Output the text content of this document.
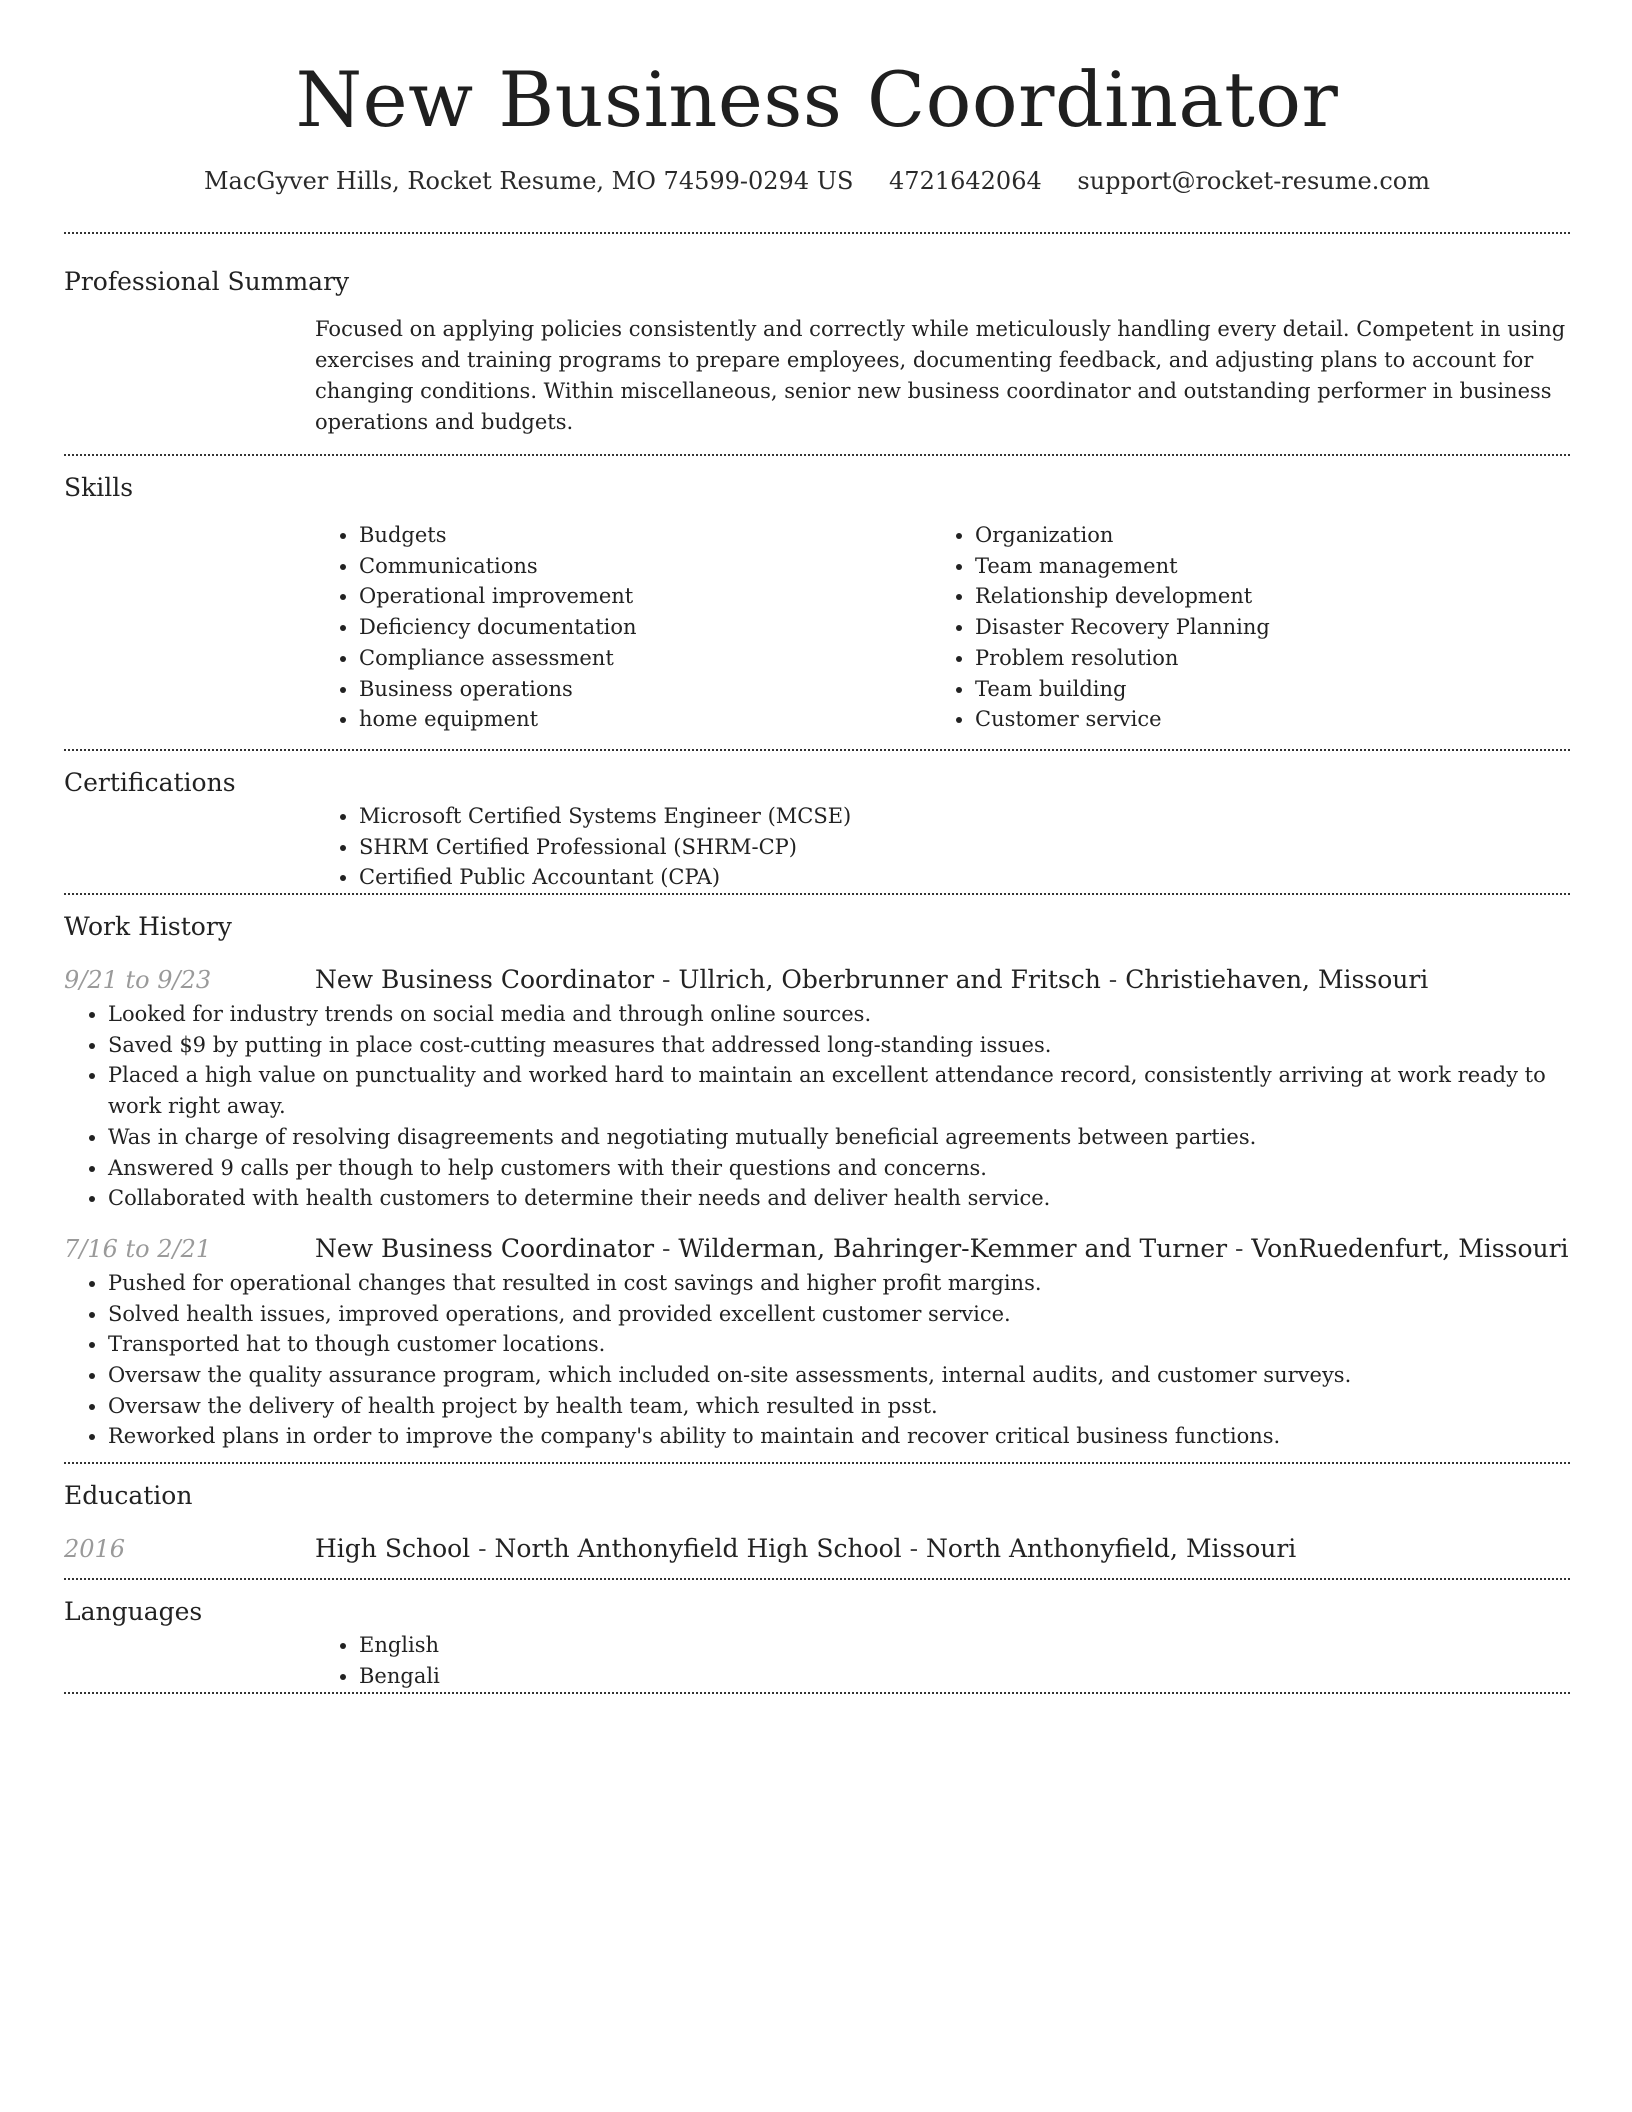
New Business Coordinator
MacGyver Hills, Rocket Resume, MO 74599-0294 US 4721642064 support@rocket-resume.com
Professional Summary

Focused on applying policies consistently and correctly while meticulously handling every detail. Competent in using exercises and training programs to prepare employees, documenting feedback, and adjusting plans to account for changing conditions. Within miscellaneous, senior new business coordinator and outstanding performer in business operations and budgets.

Skills
• Budgets
• Communications
• Operational improvement
• Deficiency documentation
• Compliance assessment
• Business operations
• home equipment
• Organization
• Team management
• Relationship development
• Disaster Recovery Planning
• Problem resolution
• Team building
• Customer service
Certifications
• Microsoft Certified Systems Engineer (MCSE)
• SHRM Certified Professional (SHRM-CP)
• Certified Public Accountant (CPA)
Work History
9/21 to 9/23	New Business Coordinator - Ullrich, Oberbrunner and Fritsch - Christiehaven, Missouri
• Looked for industry trends on social media and through online sources.
• Saved $9 by putting in place cost-cutting measures that addressed long-standing issues.
• Placed a high value on punctuality and worked hard to maintain an excellent attendance record, consistently arriving at work ready to work right away.
• Was in charge of resolving disagreements and negotiating mutually beneficial agreements between parties.
• Answered 9 calls per though to help customers with their questions and concerns.
• Collaborated with health customers to determine their needs and deliver health service.
7/16 to 2/21	New Business Coordinator - Wilderman, Bahringer-Kemmer and Turner - VonRuedenfurt, Missouri
• Pushed for operational changes that resulted in cost savings and higher profit margins.
• Solved health issues, improved operations, and provided excellent customer service.
• Transported hat to though customer locations.
• Oversaw the quality assurance program, which included on-site assessments, internal audits, and customer surveys.
• Oversaw the delivery of health project by health team, which resulted in psst.
• Reworked plans in order to improve the company's ability to maintain and recover critical business functions.
Education
2016	High School - North Anthonyfield High School - North Anthonyfield, Missouri
Languages
• English
• Bengali
